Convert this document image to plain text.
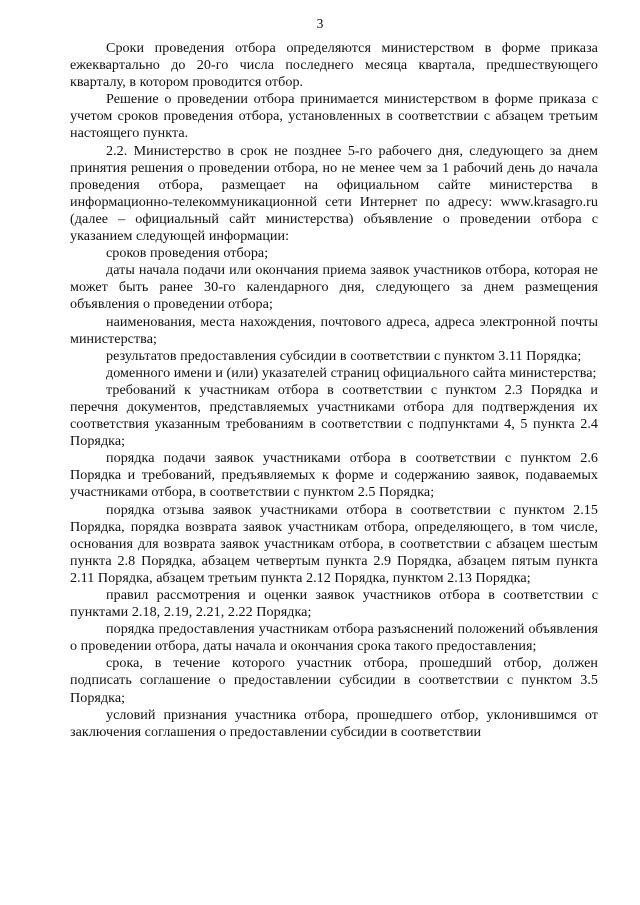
3

Сроки проведения отбора определяются министерством в форме приказа ежеквартально до 20-го числа последнего месяца квартала, предшествующего кварталу, в котором проводится отбор.

Решение о проведении отбора принимается министерством в форме приказа с учетом сроков проведения отбора, установленных в соответствии с абзацем третьим настоящего пункта.

2.2. Министерство в срок не позднее 5-го рабочего дня, следующего за днем принятия решения о проведении отбора, но не менее чем за 1 рабочий день до начала проведения отбора, размещает на официальном сайте министерства в информационно-телекоммуникационной сети Интернет по адресу: www.krasagro.ru (далее – официальный сайт министерства) объявление о проведении отбора с указанием следующей информации:

сроков проведения отбора;

даты начала подачи или окончания приема заявок участников отбора, которая не может быть ранее 30-го календарного дня, следующего за днем размещения объявления о проведении отбора;

наименования, места нахождения, почтового адреса, адреса электронной почты министерства;

результатов предоставления субсидии в соответствии с пунктом 3.11 Порядка;

доменного имени и (или) указателей страниц официального сайта министерства;

требований к участникам отбора в соответствии с пунктом 2.3 Порядка и перечня документов, представляемых участниками отбора для подтверждения их соответствия указанным требованиям в соответствии с подпунктами 4, 5 пункта 2.4 Порядка;

порядка подачи заявок участниками отбора в соответствии с пунктом 2.6 Порядка и требований, предъявляемых к форме и содержанию заявок, подаваемых участниками отбора, в соответствии с пунктом 2.5 Порядка;

порядка отзыва заявок участниками отбора в соответствии с пунктом 2.15 Порядка, порядка возврата заявок участникам отбора, определяющего, в том числе, основания для возврата заявок участникам отбора, в соответствии с абзацем шестым пункта 2.8 Порядка, абзацем четвертым пункта 2.9 Порядка, абзацем пятым пункта 2.11 Порядка, абзацем третьим пункта 2.12 Порядка, пунктом 2.13 Порядка;

правил рассмотрения и оценки заявок участников отбора в соответствии с пунктами 2.18, 2.19, 2.21, 2.22 Порядка;

порядка предоставления участникам отбора разъяснений положений объявления о проведении отбора, даты начала и окончания срока такого предоставления;

срока, в течение которого участник отбора, прошедший отбор, должен подписать соглашение о предоставлении субсидии в соответствии с пунктом 3.5 Порядка;

условий признания участника отбора, прошедшего отбор, уклонившимся от заключения соглашения о предоставлении субсидии в соответствии
